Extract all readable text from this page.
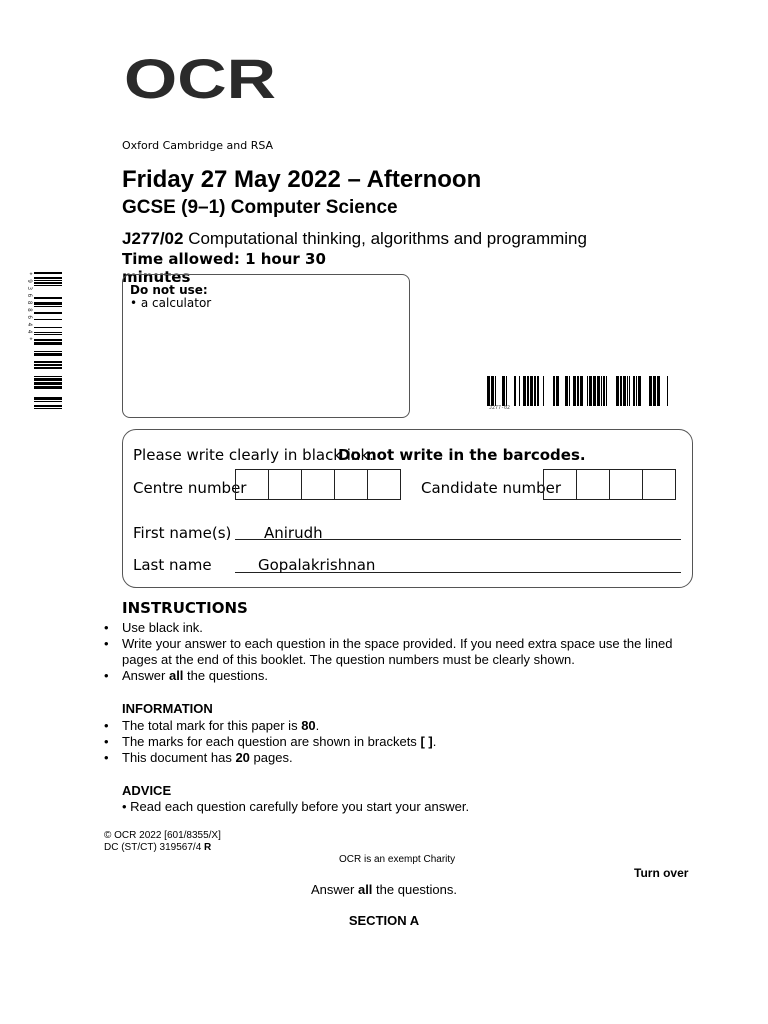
OCR
Oxford Cambridge and RSA
Friday 27 May 2022 – Afternoon
GCSE (9–1) Computer Science
J277/02 Computational thinking, algorithms and programming
Time allowed: 1 hour 30 minutes
Do not use:
• a calculator
* 9 3 6 8 8 6 4 4 *
J277-02
Please write clearly in black ink.
Do not write in the barcodes.
Centre number	Candidate number
First name(s) Anirudh
Last name	Gopalakrishnan
INSTRUCTIONS
• Use black ink.
• Write your answer to each question in the space provided. If you need extra space use the lined pages at the end of this booklet. The question numbers must be clearly shown.
• Answer all the questions.
INFORMATION
• The total mark for this paper is 80.
• The marks for each question are shown in brackets [ ].
• This document has 20 pages.
ADVICE
• Read each question carefully before you start your answer.
© OCR 2022 [601/8355/X]
DC (ST/CT) 319567/4 R
OCR is an exempt Charity
Turn over
Answer all the questions.
SECTION A
